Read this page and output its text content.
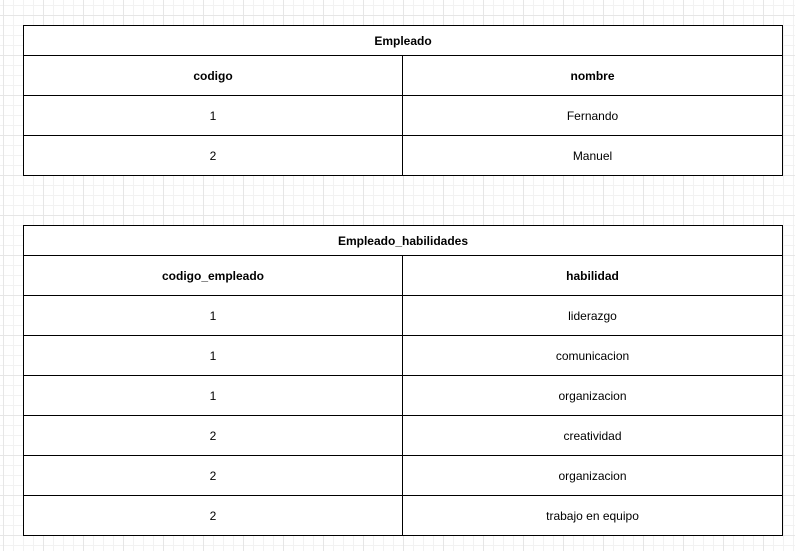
Empleado
codigo	nombre
1	Fernando
2	Manuel
Empleado_habilidades
codigo_empleado	habilidad
1	liderazgo
1	comunicacion
1	organizacion
2	creatividad
2	organizacion
2	trabajo en equipo
